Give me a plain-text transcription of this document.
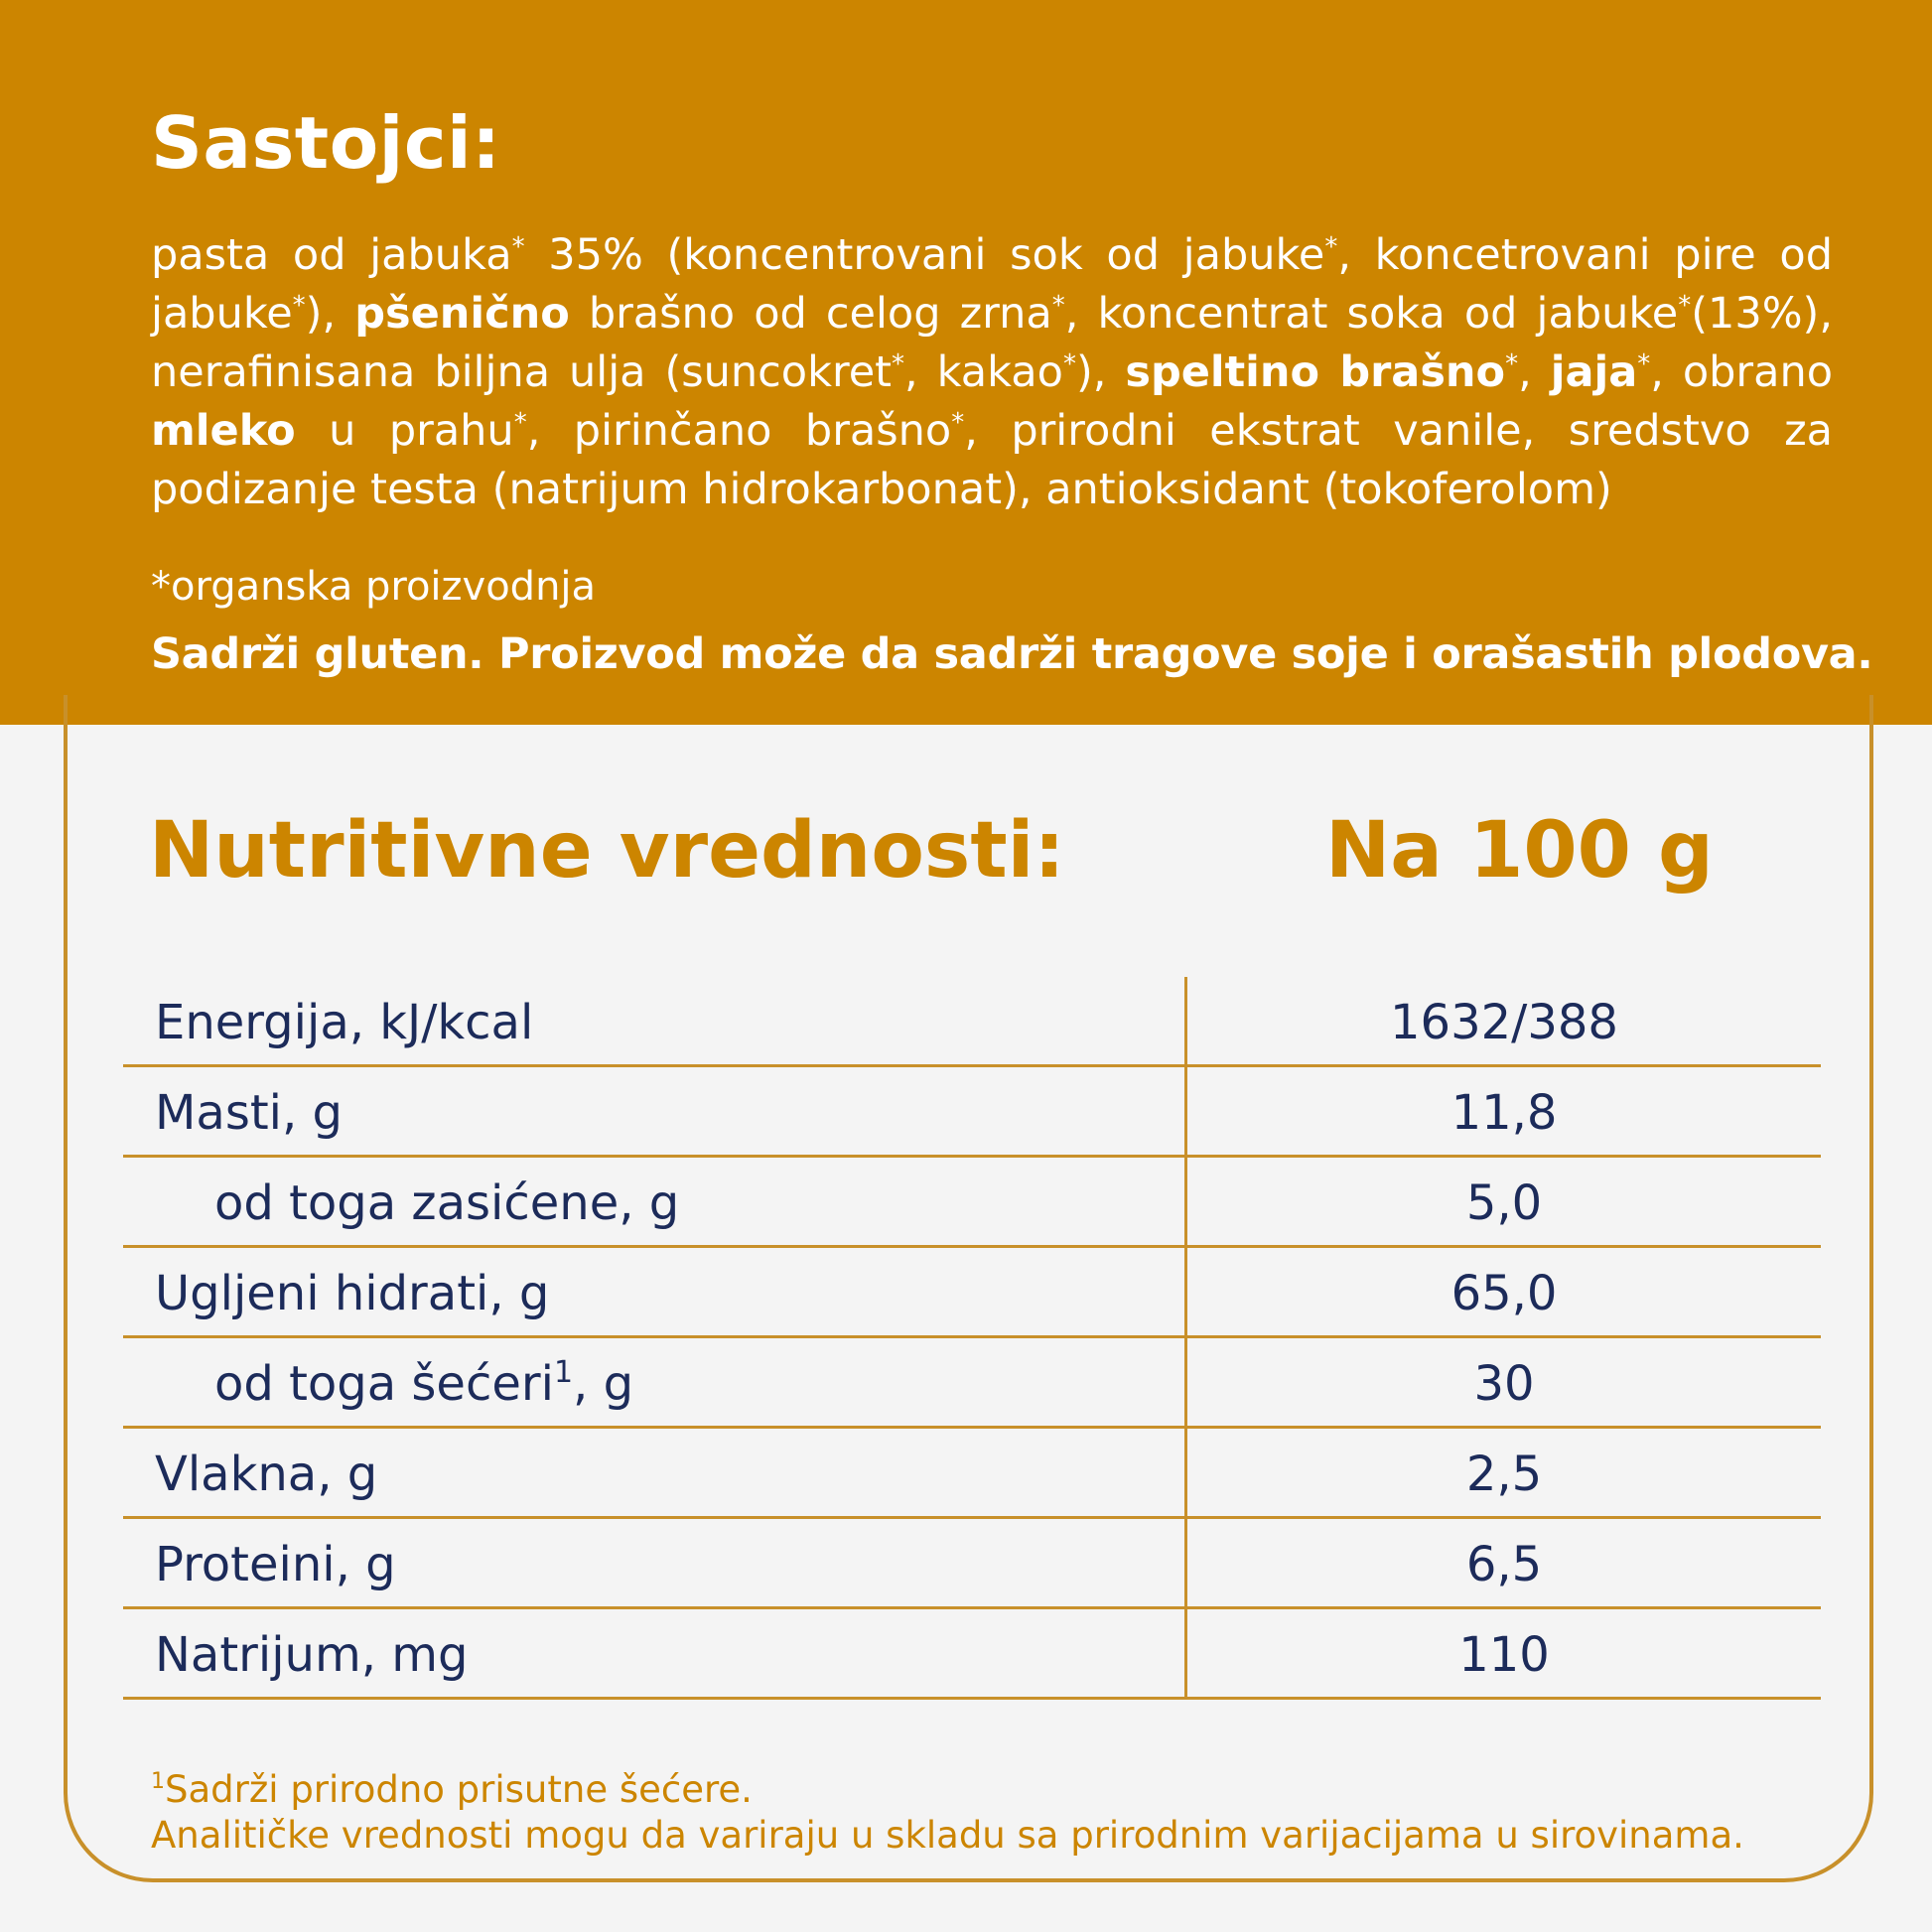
Sastojci:

pasta od jabuka* 35% (koncentrovani sok od jabuke*, koncetrovani pire od jabuke*), pšenično brašno od celog zrna*, koncentrat soka od jabuke*(13%), nerafinisana biljna ulja (suncokret*, kakao*), speltino brašno*, jaja*, obrano mleko u prahu*, pirinčano brašno*, prirodni ekstrat vanile, sredstvo za podizanje testa (natrijum hidrokarbonat), antioksidant (tokoferolom)

*organska proizvodnja

Sadrži gluten. Proizvod može da sadrži tragove soje i orašastih plodova.

Nutritivne vrednosti:	Na 100 g
Energija, kJ/kcal	1632/388
Masti, g	11,8
od toga zasićene, g	5,0
Ugljeni hidrati, g	65,0
od toga šećeri$^1$, g	30
Vlakna, g	2,5
Proteini, g	6,5
Natrijum, mg	110

$^1$Sadrži prirodno prisutne šećere.
Analitičke vrednosti mogu da variraju u skladu sa prirodnim varijacijama u sirovinama.
